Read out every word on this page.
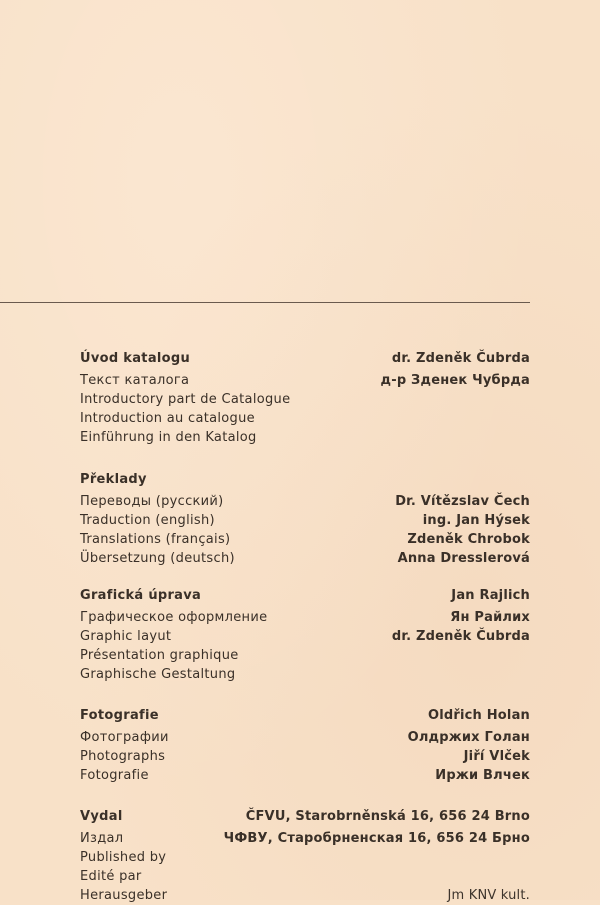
Úvod katalogu	dr. Zdeněk Čubrda
Текст каталога	д-р Зденек Чубрда
Introductory part de Catalogue
Introduction au catalogue
Einführung in den Katalog
Překlady
Переводы (русский)	Dr. Vítězslav Čech
Traduction (english)	ing. Jan Hýsek
Translations (français)	Zdeněk Chrobok
Übersetzung (deutsch)	Anna Dresslerová
Grafická úprava	Jan Rajlich
Графическое оформление	Ян Райлих
Graphic layut	dr. Zdeněk Čubrda
Présentation graphique
Graphische Gestaltung
Fotografie	Oldřich Holan
Фотографии	Олдржих Голан
Photographs	Jiří Vlček
Fotografie	Иржи Влчек
Vydal	ČFVU, Starobrněnská 16, 656 24 Brno
Издал	ЧФВУ, Старобрненская 16, 656 24 Брно
Published by
Edité par
Herausgeber	Jm KNV kult.
